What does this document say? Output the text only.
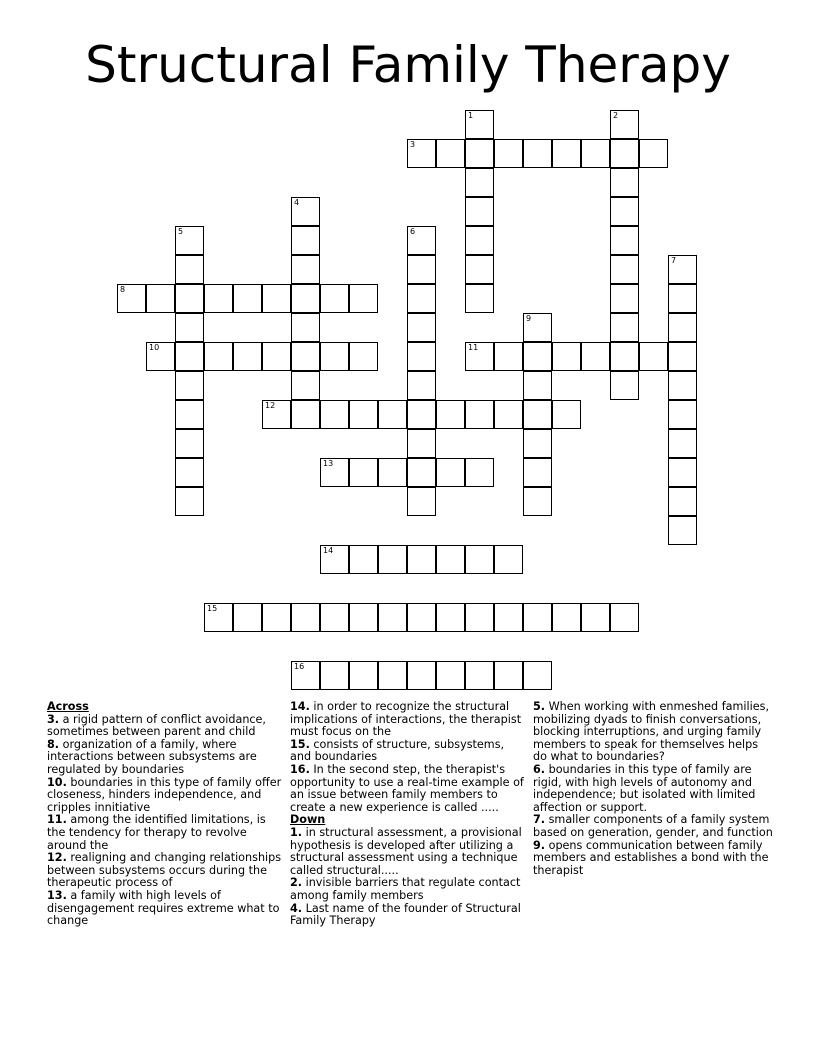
Structural Family Therapy
1	2
3
4
5	6
7
8
9
10	11
12
13
14
15
16
Across
3. a rigid pattern of conflict avoidance, sometimes between parent and child
8. organization of a family, where interactions between subsystems are regulated by boundaries
10. boundaries in this type of family offer closeness, hinders independence, and cripples innitiative
11. among the identified limitations, is the tendency for therapy to revolve around the
12. realigning and changing relationships between subsystems occurs during the therapeutic process of
13. a family with high levels of disengagement requires extreme what to change
14. in order to recognize the structural implications of interactions, the therapist must focus on the
15. consists of structure, subsystems, and boundaries
16. In the second step, the therapist's opportunity to use a real-time example of an issue between family members to create a new experience is called .....
Down
1. in structural assessment, a provisional hypothesis is developed after utilizing a structural assessment using a technique called structural.....
2. invisible barriers that regulate contact among family members
4. Last name of the founder of Structural Family Therapy
5. When working with enmeshed families, mobilizing dyads to finish conversations, blocking interruptions, and urging family members to speak for themselves helps do what to boundaries?
6. boundaries in this type of family are rigid, with high levels of autonomy and independence; but isolated with limited affection or support.
7. smaller components of a family system based on generation, gender, and function
9. opens communication between family members and establishes a bond with the therapist
